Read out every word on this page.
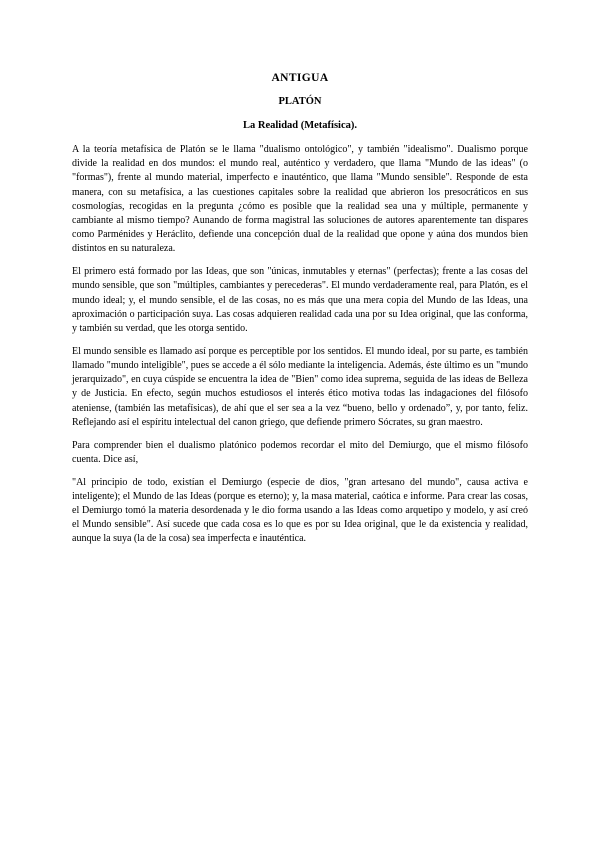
ANTIGUA
PLATÓN
La Realidad (Metafísica).

A la teoría metafísica de Platón se le llama "dualismo ontológico", y también "idealismo". Dualismo porque divide la realidad en dos mundos: el mundo real, auténtico y verdadero, que llama "Mundo de las ideas" (o "formas"), frente al mundo material, imperfecto e inauténtico, que llama "Mundo sensible". Responde de esta manera, con su metafísica, a las cuestiones capitales sobre la realidad que abrieron los presocráticos en sus cosmologías, recogidas en la pregunta ¿cómo es posible que la realidad sea una y múltiple, permanente y cambiante al mismo tiempo? Aunando de forma magistral las soluciones de autores aparentemente tan dispares como Parménides y Heráclito, defiende una concepción dual de la realidad que opone y aúna dos mundos bien distintos en su naturaleza.

El primero está formado por las Ideas, que son "únicas, inmutables y eternas" (perfectas); frente a las cosas del mundo sensible, que son "múltiples, cambiantes y perecederas". El mundo verdaderamente real, para Platón, es el mundo ideal; y, el mundo sensible, el de las cosas, no es más que una mera copia del Mundo de las Ideas, una aproximación o participación suya. Las cosas adquieren realidad cada una por su Idea original, que las conforma, y también su verdad, que les otorga sentido.

El mundo sensible es llamado así porque es perceptible por los sentidos. El mundo ideal, por su parte, es también llamado "mundo inteligible", pues se accede a él sólo mediante la inteligencia. Además, éste último es un "mundo jerarquizado", en cuya cúspide se encuentra la idea de "Bien" como idea suprema, seguida de las ideas de Belleza y de Justicia. En efecto, según muchos estudiosos el interés ético motiva todas las indagaciones del filósofo ateniense, (también las metafísicas), de ahí que el ser sea a la vez “bueno, bello y ordenado”, y, por tanto, feliz. Reflejando así el espíritu intelectual del canon griego, que defiende primero Sócrates, su gran maestro.

Para comprender bien el dualismo platónico podemos recordar el mito del Demiurgo, que el mismo filósofo cuenta. Dice así,

"Al principio de todo, existían el Demiurgo (especie de dios, "gran artesano del mundo", causa activa e inteligente); el Mundo de las Ideas (porque es eterno); y, la masa material, caótica e informe. Para crear las cosas, el Demiurgo tomó la materia desordenada y le dio forma usando a las Ideas como arquetipo y modelo, y así creó el Mundo sensible". Así sucede que cada cosa es lo que es por su Idea original, que le da existencia y realidad, aunque la suya (la de la cosa) sea imperfecta e inauténtica.
